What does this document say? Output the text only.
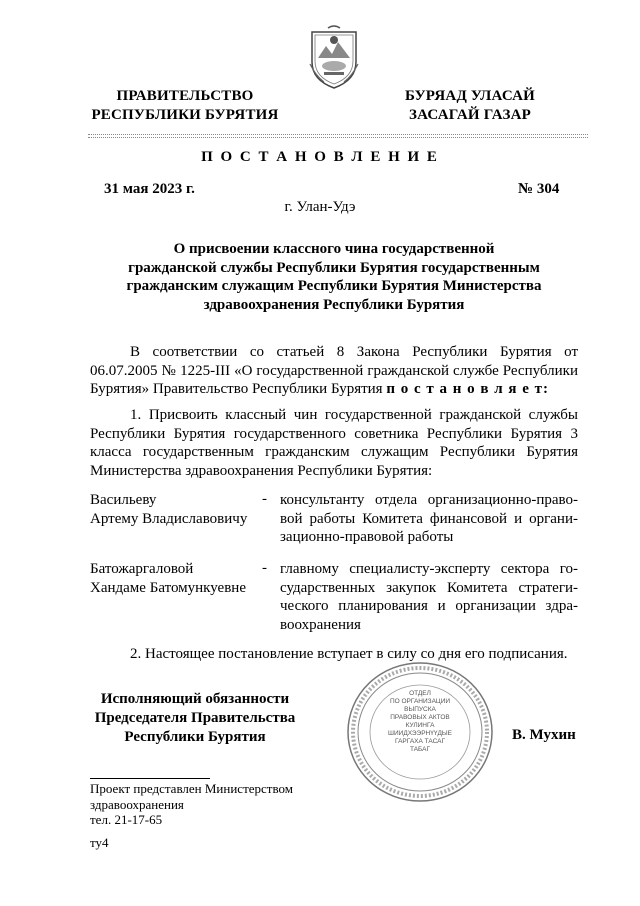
ПРАВИТЕЛЬСТВО
РЕСПУБЛИКИ БУРЯТИЯ
БУРЯАД УЛАСАЙ
ЗАСАГАЙ ГАЗАР
П О С Т А Н О В Л Е Н И Е
31 мая 2023 г.	№ 304
г. Улан-Удэ
О присвоении классного чина государственной
гражданской службы Республики Бурятия государственным
гражданским служащим Республики Бурятия Министерства
здравоохранения Республики Бурятия
В соответствии со статьей 8 Закона Республики Бурятия от 06.07.2005 № 1225-III «О государственной гражданской службе Республики Бурятия» Правительство Республики Бурятия п о с т а н о в л я е т:
1. Присвоить классный чин государственной гражданской службы Республики Бурятия государственного советника Республики Бурятия 3 класса государственным гражданским служащим Республики Бурятия Министерства здравоохранения Республики Бурятия:
Васильеву
Артему Владиславовичу
- консультанту отдела организационно-правовой работы Комитета финансовой и организационно-правовой работы
Батожаргаловой
Хандаме Батомункуевне
- главному специалисту-эксперту сектора государственных закупок Комитета стратегического планирования и организации здравоохранения
2. Настоящее постановление вступает в силу со дня его подписания.
Исполняющий обязанности
Председателя Правительства
Республики Бурятия
ОТДЕЛ
ПО ОРГАНИЗАЦИИ
ВЫПУСКА
ПРАВОВЫХ АКТОВ
КУЛИНГА
ШИИДХЭЭРНҮҮДЫЕ
ГАРГАХА ТАСАГ
ТАБАГ
В. Мухин
Проект представлен Министерством
здравоохранения
тел. 21-17-65
ту4
